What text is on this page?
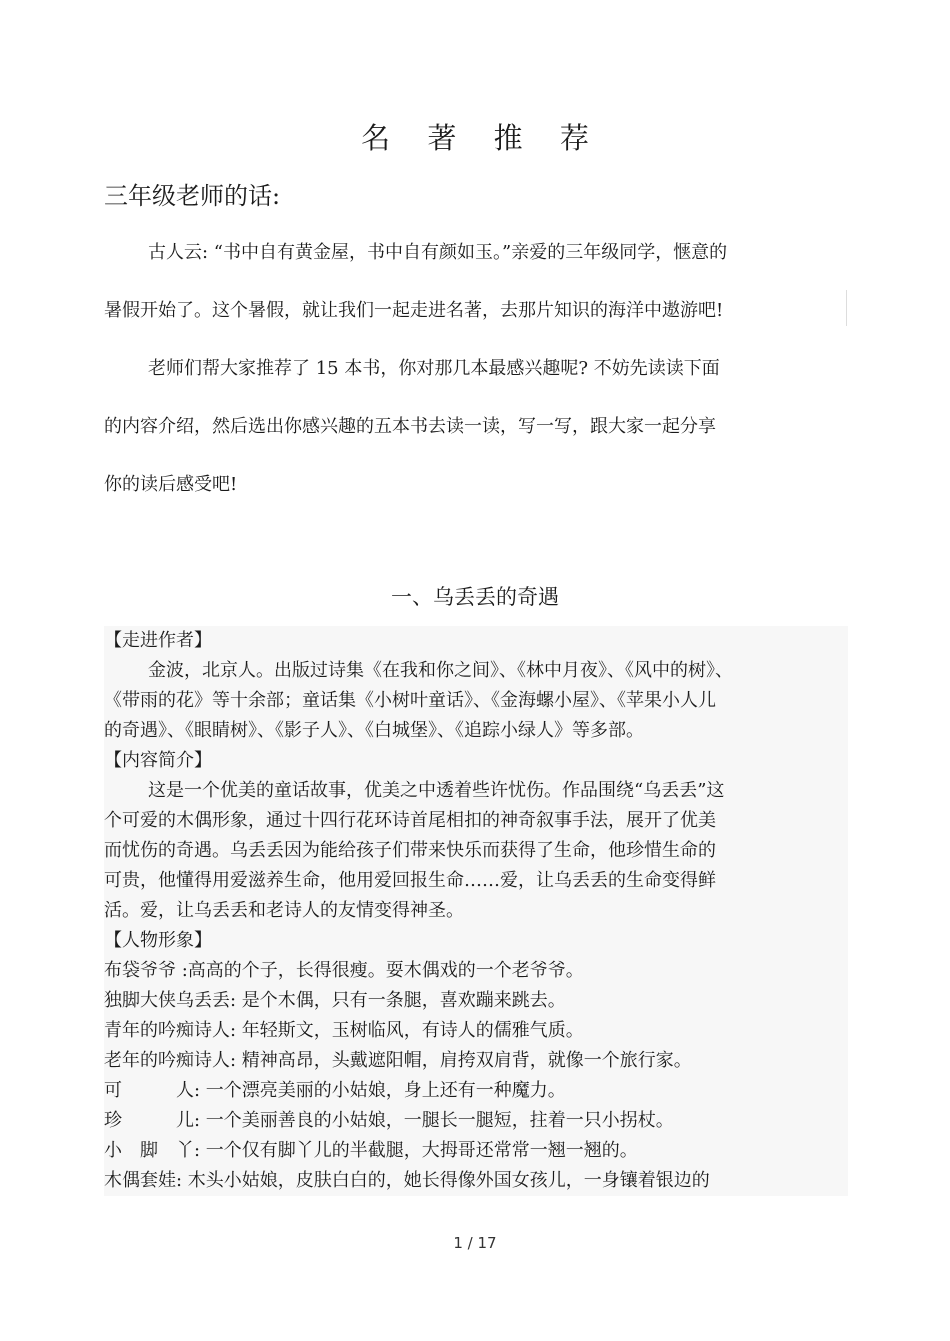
名 著 推 荐
三年级老师的话:
古人云: “书中自有黄金屋，书中自有颜如玉。”亲爱的三年级同学，惬意的
暑假开始了。这个暑假，就让我们一起走进名著，去那片知识的海洋中遨游吧!
老师们帮大家推荐了 15 本书，你对那几本最感兴趣呢? 不妨先读读下面
的内容介绍，然后选出你感兴趣的五本书去读一读，写一写，跟大家一起分享
你的读后感受吧!
一、乌丢丢的奇遇
【走进作者】
金波，北京人。出版过诗集《在我和你之间》、《林中月夜》、《风中的树》、
《带雨的花》等十余部；童话集《小树叶童话》、《金海螺小屋》、《苹果小人儿
的奇遇》、《眼睛树》、《影子人》、《白城堡》、《追踪小绿人》等多部。
【内容简介】
这是一个优美的童话故事，优美之中透着些许忧伤。作品围绕“乌丢丢”这
个可爱的木偶形象，通过十四行花环诗首尾相扣的神奇叙事手法，展开了优美
而忧伤的奇遇。乌丢丢因为能给孩子们带来快乐而获得了生命，他珍惜生命的
可贵，他懂得用爱滋养生命，他用爱回报生命……爱，让乌丢丢的生命变得鲜
活。爱，让乌丢丢和老诗人的友情变得神圣。
【人物形象】
布袋爷爷 :高高的个子，长得很瘦。耍木偶戏的一个老爷爷。
独脚大侠乌丢丢: 是个木偶，只有一条腿，喜欢蹦来跳去。
青年的吟痴诗人: 年轻斯文，玉树临风，有诗人的儒雅气质。
老年的吟痴诗人: 精神高昂，头戴遮阳帽，肩挎双肩背，就像一个旅行家。
可　　　人: 一个漂亮美丽的小姑娘，身上还有一种魔力。
珍　　　儿: 一个美丽善良的小姑娘，一腿长一腿短，拄着一只小拐杖。
小　脚　丫: 一个仅有脚丫儿的半截腿，大拇哥还常常一翘一翘的。
木偶套娃: 木头小姑娘，皮肤白白的，她长得像外国女孩儿，一身镶着银边的
1 / 17
